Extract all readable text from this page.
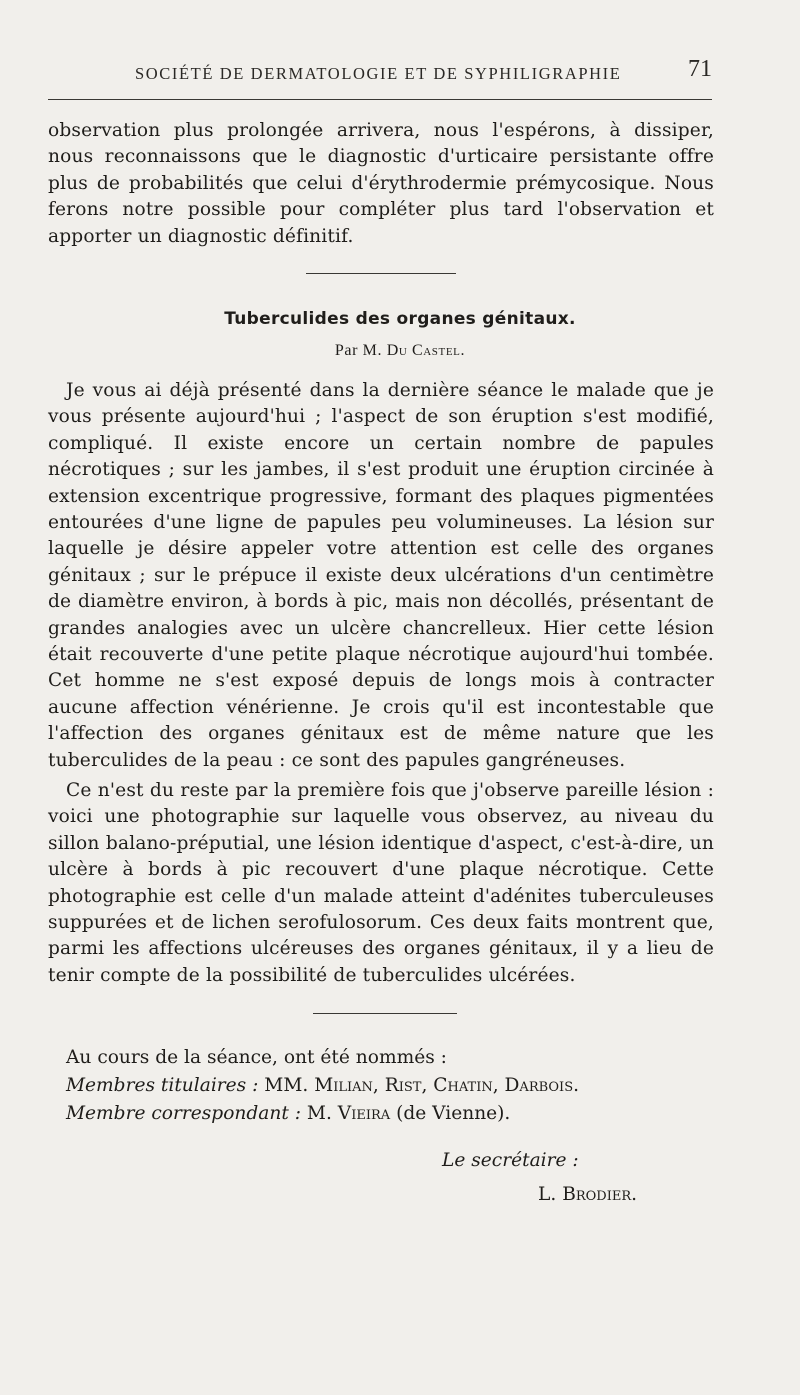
SOCIÉTÉ DE DERMATOLOGIE ET DE SYPHILIGRAPHIE	71

observation plus prolongée arrivera, nous l'espérons, à dissiper, nous reconnaissons que le diagnostic d'urticaire persistante offre plus de probabilités que celui d'érythrodermie prémycosique. Nous ferons notre possible pour compléter plus tard l'observation et apporter un diagnostic définitif.

Tuberculides des organes génitaux.
Par M. Du Castel.

Je vous ai déjà présenté dans la dernière séance le malade que je vous présente aujourd'hui ; l'aspect de son éruption s'est modifié, compliqué. Il existe encore un certain nombre de papules nécrotiques ; sur les jambes, il s'est produit une éruption circinée à extension excentrique progressive, formant des plaques pigmentées entourées d'une ligne de papules peu volumineuses. La lésion sur laquelle je désire appeler votre attention est celle des organes génitaux ; sur le prépuce il existe deux ulcérations d'un centimètre de diamètre environ, à bords à pic, mais non décollés, présentant de grandes analogies avec un ulcère chancrelleux. Hier cette lésion était recouverte d'une petite plaque nécrotique aujourd'hui tombée. Cet homme ne s'est exposé depuis de longs mois à contracter aucune affection vénérienne. Je crois qu'il est incontestable que l'affection des organes génitaux est de même nature que les tuberculides de la peau : ce sont des papules gangréneuses.

Ce n'est du reste par la première fois que j'observe pareille lésion : voici une photographie sur laquelle vous observez, au niveau du sillon balano-préputial, une lésion identique d'aspect, c'est-à-dire, un ulcère à bords à pic recouvert d'une plaque nécrotique. Cette photographie est celle d'un malade atteint d'adénites tuberculeuses suppurées et de lichen serofulosorum. Ces deux faits montrent que, parmi les affections ulcéreuses des organes génitaux, il y a lieu de tenir compte de la possibilité de tuberculides ulcérées.

Au cours de la séance, ont été nommés :
Membres titulaires : MM. Milian, Rist, Chatin, Darbois.
Membre correspondant : M. Vieira (de Vienne).
Le secrétaire :
L. Brodier.
